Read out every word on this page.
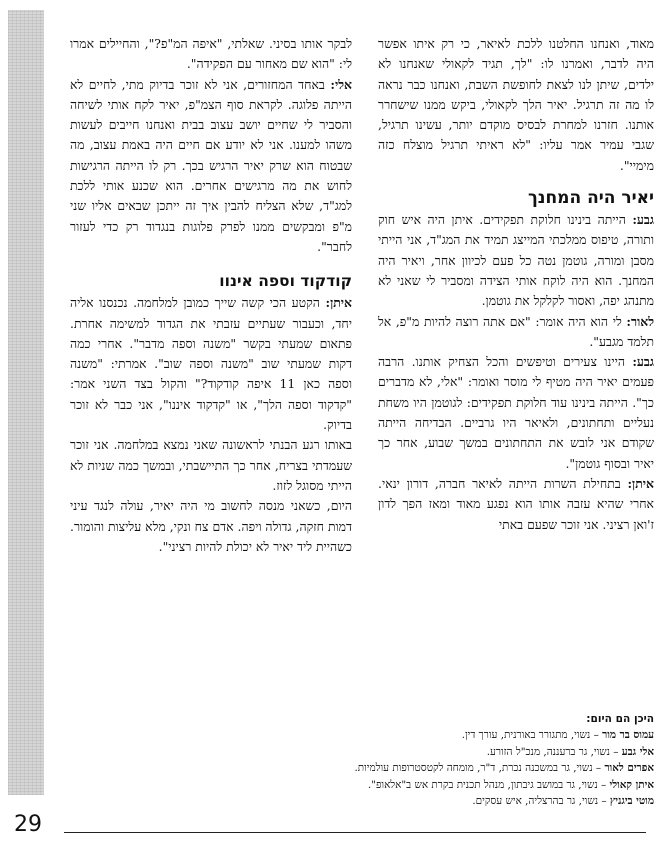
מאוד, ואנחנו החלטנו ללכת לאיאר, כי רק איתו אפשר היה לדבר, ואמרנו לו: "לך, תגיד לקאולי שאנחנו לא ילדים, שיתן לנו לצאת לחופשת השבת, ואנחנו כבר נראה לו מה זה תרגיל. יאיר הלך לקאולי, ביקש ממנו שישחרר אותנו. חזרנו למחרת לבסיס מוקדם יותר, עשינו תרגיל, שגבי עמיר אמר עליו: "לא ראיתי תרגיל מוצלח כזה מימיי".

יאיר היה המחנך

גבע: הייתה בינינו חלוקת תפקידים. איתן היה איש חוק ותורה, טיפוס ממלכתי המייצג תמיד את המג"ד, אני הייתי מסבן ומורה, גוטמן נטה כל פעם לכיוון אחר, ויאיר היה המחנך. הוא היה לוקח אותי הצידה ומסביר לי שאני לא מתנהג יפה, ואסור לקלקל את גוטמן.

לאור: לי הוא היה אומר: "אם אתה רוצה להיות מ"פ, אל תלמד מגבע".

גבע: היינו צעירים וטיפשים והכל הצחיק אותנו. הרבה פעמים יאיר היה מטיף לי מוסר ואומר: "אלי, לא מדברים כך". הייתה בינינו עוד חלוקת תפקידים: לגוטמן היו משחת נעליים ותחתונים, ולאיאר היו גרביים. הבדיחה הייתה שקודם אני לובש את התחתונים במשך שבוע, אחר כך יאיר ובסוף גוטמן".

איתן: בתחילת השרות הייתה לאיאר חברה, דורון ינאי. אחרי שהיא עזבה אותו הוא נפגע מאוד ומאז הפך לדון ז'ואן רציני. אני זוכר שפעם באתי

לבקר אותו בסיני. שאלתי, "איפה המ"פ?", והחיילים אמרו לי: "הוא שם מאחור עם הפקידה".

אלי: באחד המחזורים, אני לא זוכר בדיוק מתי, לחיים לא הייתה פלוגה. לקראת סוף הצמ"פ, יאיר לקח אותי לשיחה והסביר לי שחיים יושב עצוב בבית ואנחנו חייבים לעשות משהו למענו. אני לא יודע אם חיים היה באמת עצוב, מה שבטוח הוא שרק יאיר הרגיש בכך. רק לו הייתה הרגישות לחוש את מה מרגישים אחרים. הוא שכנע אותי ללכת למג"ד, שלא הצליח להבין איך זה ייתכן שבאים אליו שני מ"פ ומבקשים ממנו לפרק פלוגות בנגדוד רק כדי לעזור לחבר".

קודקוד וספה אינוו

איתן: הקטע הכי קשה שייך כמובן למלחמה. נכנסנו אליה יחד, וכעבור שעתיים עזבתי את הגדוד למשימה אחרת. פתאום שמעתי בקשר "משנה וספה מדבר". אחרי כמה דקות שמעתי שוב "משנה וספה שוב". אמרתי: "משנה וספה כאן 11 איפה קודקוד?" והקול בצד השני אמר: "קדקוד וספה הלך", או "קדקוד איננו", אני כבר לא זוכר בדיוק.

באותו רגע הבנתי לראשונה שאני נמצא במלחמה. אני זוכר שעמדתי בצריח, אחר כך התיישבתי, ובמשך כמה שניות לא הייתי מסוגל לזוז.

היום, כשאני מנסה לחשוב מי היה יאיר, עולה לנגד עיני דמות חזקה, גדולה ויפה. אדם צח ונקי, מלא עליצות והומור. כשהיית ליד יאיר לא יכולת להיות רציני".

היכן הם היום:
עמוס בר מור – נשוי, מתגורר באורנית, עורך דין.
אלי גבע – נשוי, גר ברעננה, מנכ"ל הזורע.
אפרים לאור – נשוי, גר במשכנה נכרת, ד"ר, מומחה לקטסטרופות עולמיות.
איתן קאולי – נשוי, גר במושב גיבתון, מנהל תכנית בקרת אש ב"אלאופ".
מוטי ביגניץ – נשוי, גר בהרצליה, איש עסקים.
29
